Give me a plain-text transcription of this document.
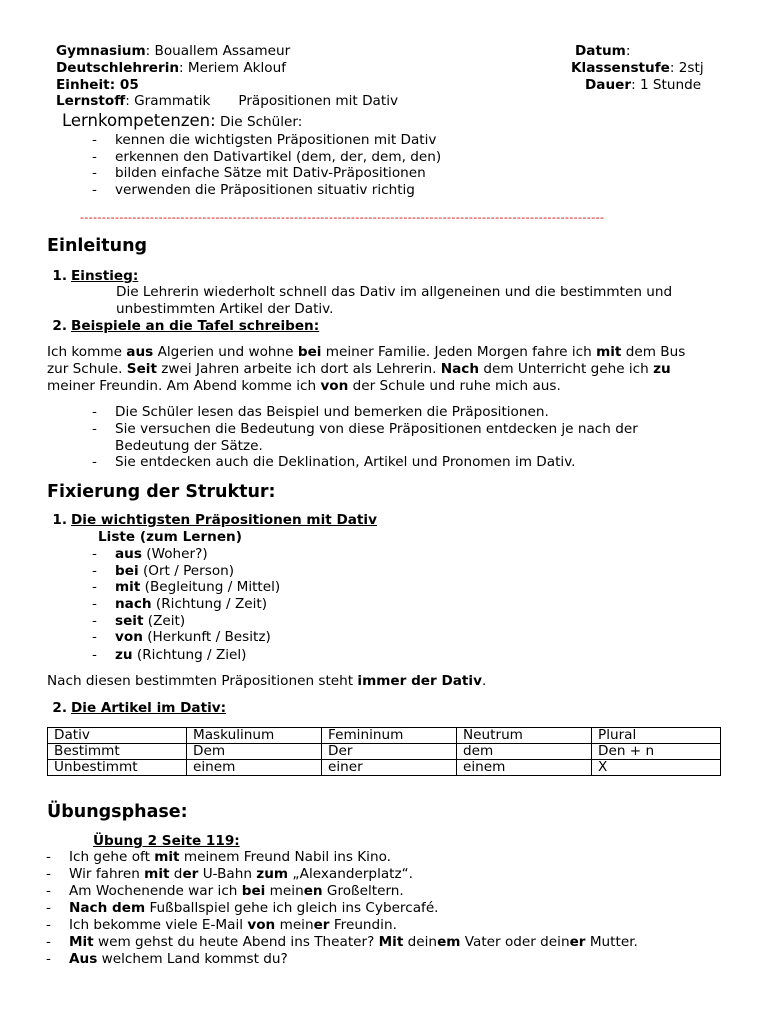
Gymnasium: Bouallem Assameur
Deutschlehrerin: Meriem Aklouf
Einheit: 05
Lernstoff: Grammatik Präpositionen mit Dativ
Datum:
Klassenstufe: 2stj
Dauer: 1 Stunde
Lernkompetenzen: Die Schüler:
- kennen die wichtigsten Präpositionen mit Dativ
- erkennen den Dativartikel (dem, der, dem, den)
- bilden einfache Sätze mit Dativ-Präpositionen
- verwenden die Präpositionen situativ richtig
------------------------------------------------------------------------------------------------------------------------
Einleitung
1. Einstieg:
Die Lehrerin wiederholt schnell das Dativ im allgeneinen und die bestimmten und
unbestimmten Artikel der Dativ.
2. Beispiele an die Tafel schreiben:
Ich komme aus Algerien und wohne bei meiner Familie. Jeden Morgen fahre ich mit dem Bus
zur Schule. Seit zwei Jahren arbeite ich dort als Lehrerin. Nach dem Unterricht gehe ich zu
meiner Freundin. Am Abend komme ich von der Schule und ruhe mich aus.
- Die Schüler lesen das Beispiel und bemerken die Präpositionen.
- Sie versuchen die Bedeutung von diese Präpositionen entdecken je nach der
Bedeutung der Sätze.
- Sie entdecken auch die Deklination, Artikel und Pronomen im Dativ.
Fixierung der Struktur:
1. Die wichtigsten Präpositionen mit Dativ
Liste (zum Lernen)
- aus (Woher?)
- bei (Ort / Person)
- mit (Begleitung / Mittel)
- nach (Richtung / Zeit)
- seit (Zeit)
- von (Herkunft / Besitz)
- zu (Richtung / Ziel)
Nach diesen bestimmten Präpositionen steht immer der Dativ.
2. Die Artikel im Dativ:
Dativ	Maskulinum	Femininum	Neutrum	Plural
Bestimmt	Dem	Der	dem	Den + n
Unbestimmt	einem	einer	einem	X
Übungsphase:
Übung 2 Seite 119:
- Ich gehe oft mit meinem Freund Nabil ins Kino.
- Wir fahren mit der U-Bahn zum „Alexanderplatz“.
- Am Wochenende war ich bei meinen Großeltern.
- Nach dem Fußballspiel gehe ich gleich ins Cybercafé.
- Ich bekomme viele E-Mail von meiner Freundin.
- Mit wem gehst du heute Abend ins Theater? Mit deinem Vater oder deiner Mutter.
- Aus welchem Land kommst du?
